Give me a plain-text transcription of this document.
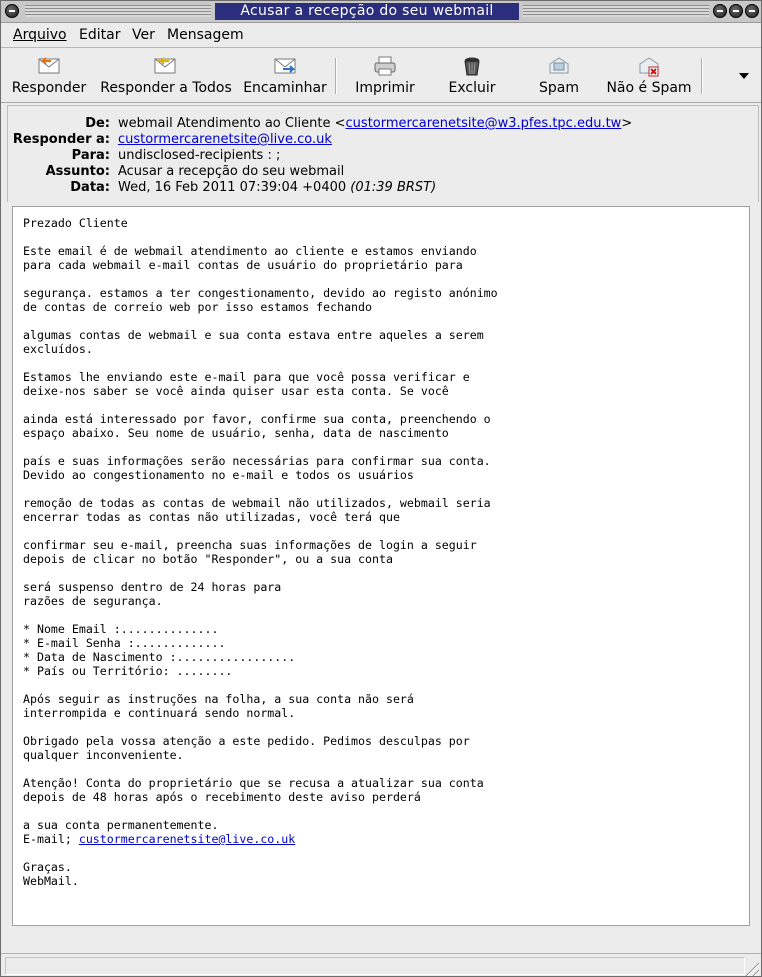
Acusar a recepção do seu webmail
Arquivo Editar Ver Mensagem
Responder Responder a Todos Encaminhar	Imprimir	Excluir	Spam	Não é Spam
De: webmail Atendimento ao Cliente <custormercarenetsite@w3.pfes.tpc.edu.tw>
Responder a: custormercarenetsite@live.co.uk
Para: undisclosed-recipients : ;
Assunto: Acusar a recepção do seu webmail
Data: Wed, 16 Feb 2011 07:39:04 +0400 (01:39 BRST)
Prezado Cliente

Este email é de webmail atendimento ao cliente e estamos enviando
para cada webmail e-mail contas de usuário do proprietário para

segurança. estamos a ter congestionamento, devido ao registo anónimo
de contas de correio web por isso estamos fechando

algumas contas de webmail e sua conta estava entre aqueles a serem
excluídos.

Estamos lhe enviando este e-mail para que você possa verificar e
deixe-nos saber se você ainda quiser usar esta conta. Se você

ainda está interessado por favor, confirme sua conta, preenchendo o
espaço abaixo. Seu nome de usuário, senha, data de nascimento

país e suas informações serão necessárias para confirmar sua conta.
Devido ao congestionamento no e-mail e todos os usuários

remoção de todas as contas de webmail não utilizados, webmail seria
encerrar todas as contas não utilizadas, você terá que

confirmar seu e-mail, preencha suas informações de login a seguir
depois de clicar no botão "Responder", ou a sua conta

será suspenso dentro de 24 horas para
razões de segurança.

* Nome Email :..............
* E-mail Senha :.............
* Data de Nascimento :.................
* País ou Território: ........

Após seguir as instruções na folha, a sua conta não será
interrompida e continuará sendo normal.

Obrigado pela vossa atenção a este pedido. Pedimos desculpas por
qualquer inconveniente.

Atenção! Conta do proprietário que se recusa a atualizar sua conta
depois de 48 horas após o recebimento deste aviso perderá

a sua conta permanentemente.
E-mail; custormercarenetsite@live.co.uk

Graças.
WebMail.
